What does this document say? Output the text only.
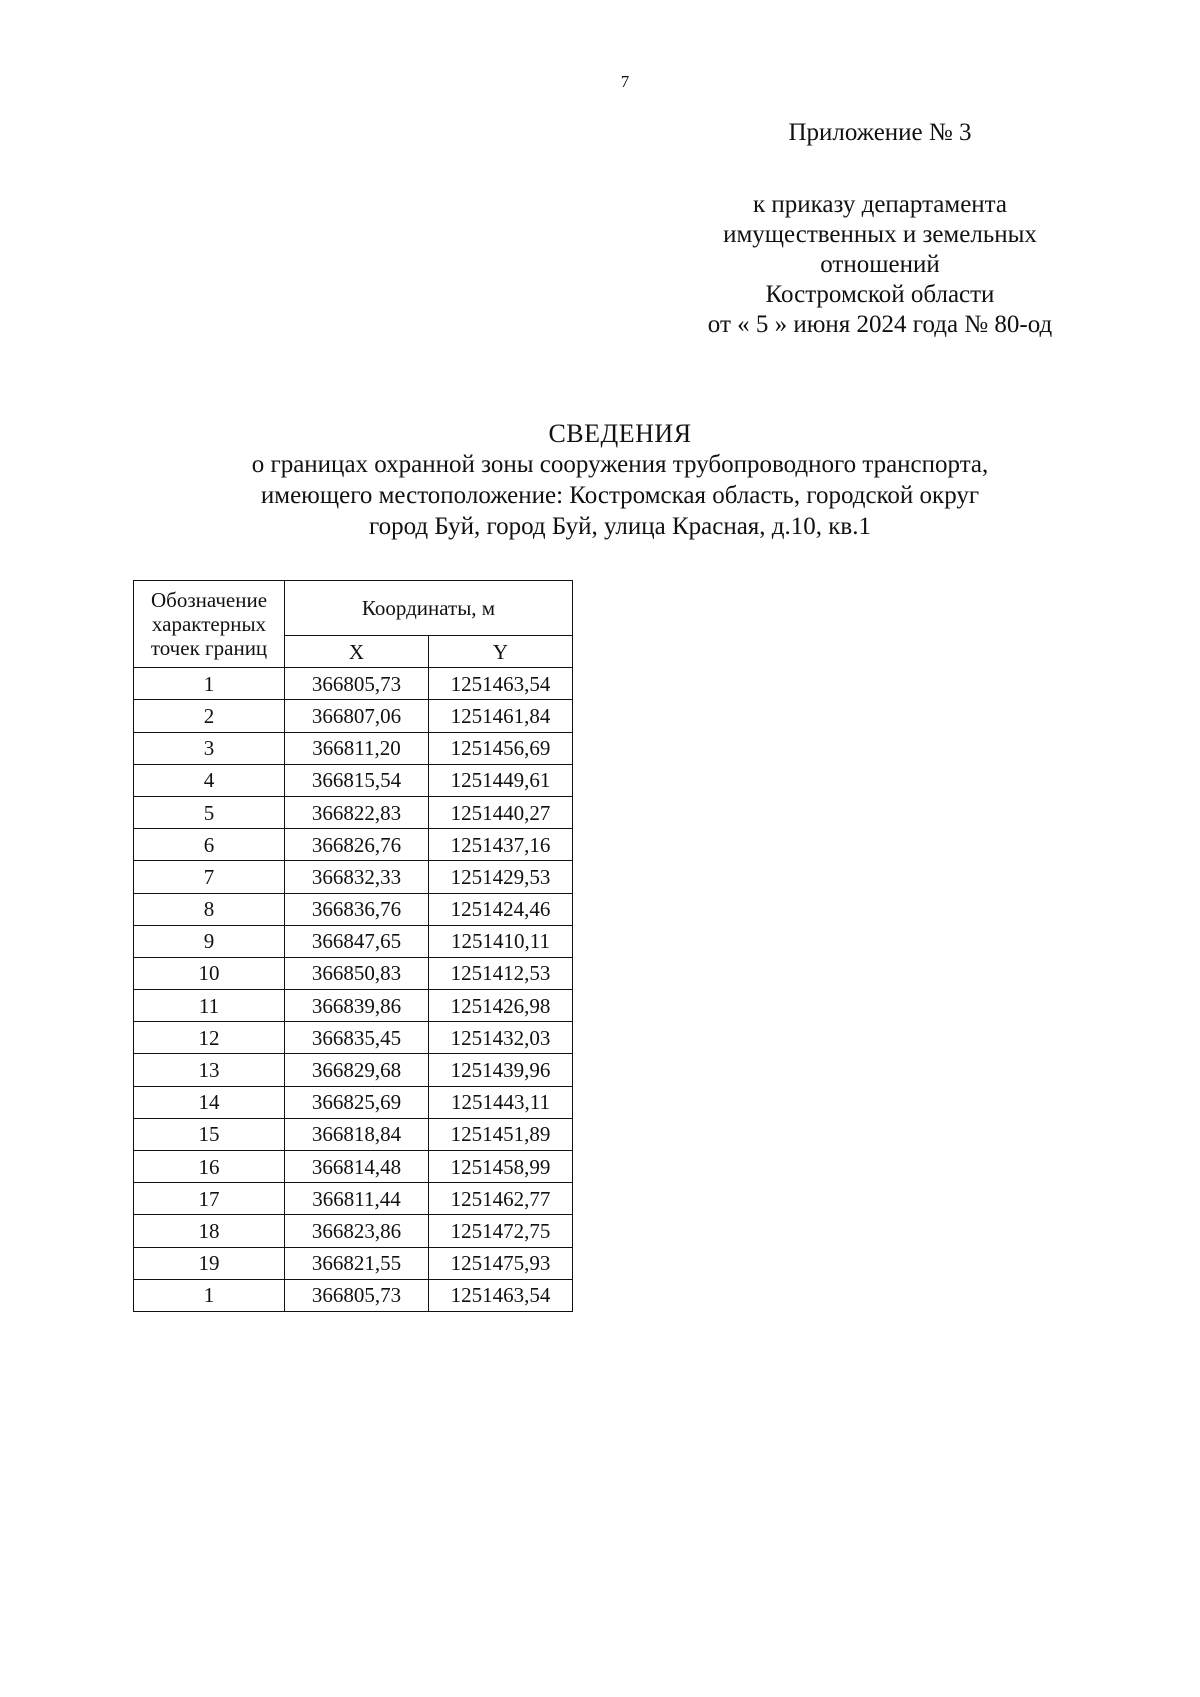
7
Приложение № 3
к приказу департамента
имущественных и земельных
отношений
Костромской области
от « 5 » июня 2024 года № 80-од
СВЕДЕНИЯ
о границах охранной зоны сооружения трубопроводного транспорта,
имеющего местоположение: Костромская область, городской округ
город Буй, город Буй, улица Красная, д.10, кв.1
Обозначение
характерных
точек границ	Координаты, м	
	X	Y
1	366805,73	1251463,54
2	366807,06	1251461,84
3	366811,20	1251456,69
4	366815,54	1251449,61
5	366822,83	1251440,27
6	366826,76	1251437,16
7	366832,33	1251429,53
8	366836,76	1251424,46
9	366847,65	1251410,11
10	366850,83	1251412,53
11	366839,86	1251426,98
12	366835,45	1251432,03
13	366829,68	1251439,96
14	366825,69	1251443,11
15	366818,84	1251451,89
16	366814,48	1251458,99
17	366811,44	1251462,77
18	366823,86	1251472,75
19	366821,55	1251475,93
1	366805,73	1251463,54
